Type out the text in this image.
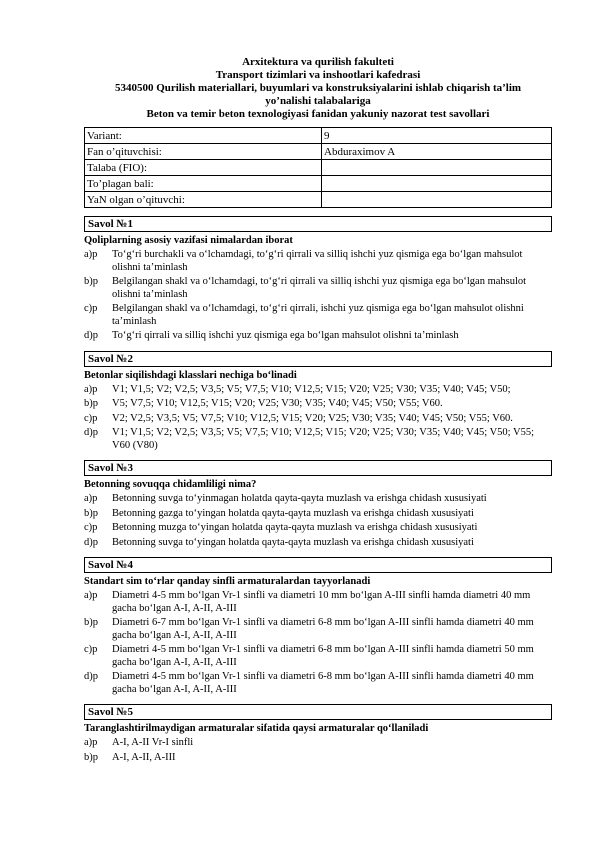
Arxitektura va qurilish fakulteti
Transport tizimlari va inshootlari kafedrasi
5340500 Qurilish materiallari, buyumlari va konstruksiyalarini ishlab chiqarish ta’lim
yo’nalishi talabalariga
Beton va temir beton texnologiyasi fanidan yakuniy nazorat test savollari
Variant:	9
Fan o’qituvchisi:	Abduraximov A
Talaba (FIO):	
To’plagan bali:	
YaN olgan o’qituvchi:	
Savol №1
Qoliplarning asosiy vazifasi nimalardan iborat
a)p	To‘g‘ri burchakli va o‘lchamdagi, to‘g‘ri qirrali va silliq ishchi yuz qismiga ega bo‘lgan mahsulot olishni ta’minlash
b)p	Belgilangan shakl va o‘lchamdagi, to‘g‘ri qirrali va silliq ishchi yuz qismiga ega bo‘lgan mahsulot olishni ta’minlash
c)p	Belgilangan shakl va o‘lchamdagi, to‘g‘ri qirrali, ishchi yuz qismiga ega bo‘lgan mahsulot olishni ta’minlash
d)p	To‘g‘ri qirrali va silliq ishchi yuz qismiga ega bo‘lgan mahsulot olishni ta’minlash
Savol №2
Betonlar siqilishdagi klasslari nechiga bo‘linadi
a)p	V1; V1,5; V2; V2,5; V3,5; V5; V7,5; V10; V12,5; V15; V20; V25; V30; V35; V40; V45; V50;
b)p	V5; V7,5; V10; V12,5; V15; V20; V25; V30; V35; V40; V45; V50; V55; V60.
c)p	V2; V2,5; V3,5; V5; V7,5; V10; V12,5; V15; V20; V25; V30; V35; V40; V45; V50; V55; V60.
d)p	V1; V1,5; V2; V2,5; V3,5; V5; V7,5; V10; V12,5; V15; V20; V25; V30; V35; V40; V45; V50; V55; V60 (V80)
Savol №3
Betonning sovuqqa chidamliligi nima?
a)p	Betonning suvga to‘yinmagan holatda qayta-qayta muzlash va erishga chidash xususiyati
b)p	Betonning gazga to‘yingan holatda qayta-qayta muzlash va erishga chidash xususiyati
c)p	Betonning muzga to‘yingan holatda qayta-qayta muzlash va erishga chidash xususiyati
d)p	Betonning suvga to‘yingan holatda qayta-qayta muzlash va erishga chidash xususiyati
Savol №4
Standart sim to‘rlar qanday sinfli armaturalardan tayyorlanadi
a)p	Diametri 4-5 mm bo‘lgan Vr-1 sinfli va diametri 10 mm bo‘lgan A-III sinfli hamda diametri 40 mm gacha bo‘lgan A-I, A-II, A-III
b)p	Diametri 6-7 mm bo‘lgan Vr-1 sinfli va diametri 6-8 mm bo‘lgan A-III sinfli hamda diametri 40 mm gacha bo‘lgan A-I, A-II, A-III
c)p	Diametri 4-5 mm bo‘lgan Vr-1 sinfli va diametri 6-8 mm bo‘lgan A-III sinfli hamda diametri 50 mm gacha bo‘lgan A-I, A-II, A-III
d)p	Diametri 4-5 mm bo‘lgan Vr-1 sinfli va diametri 6-8 mm bo‘lgan A-III sinfli hamda diametri 40 mm gacha bo‘lgan A-I, A-II, A-III
Savol №5
Taranglashtirilmaydigan armaturalar sifatida qaysi armaturalar qo‘llaniladi
a)p	A-I, A-II Vr-I sinfli
b)p	A-I, A-II, A-III
